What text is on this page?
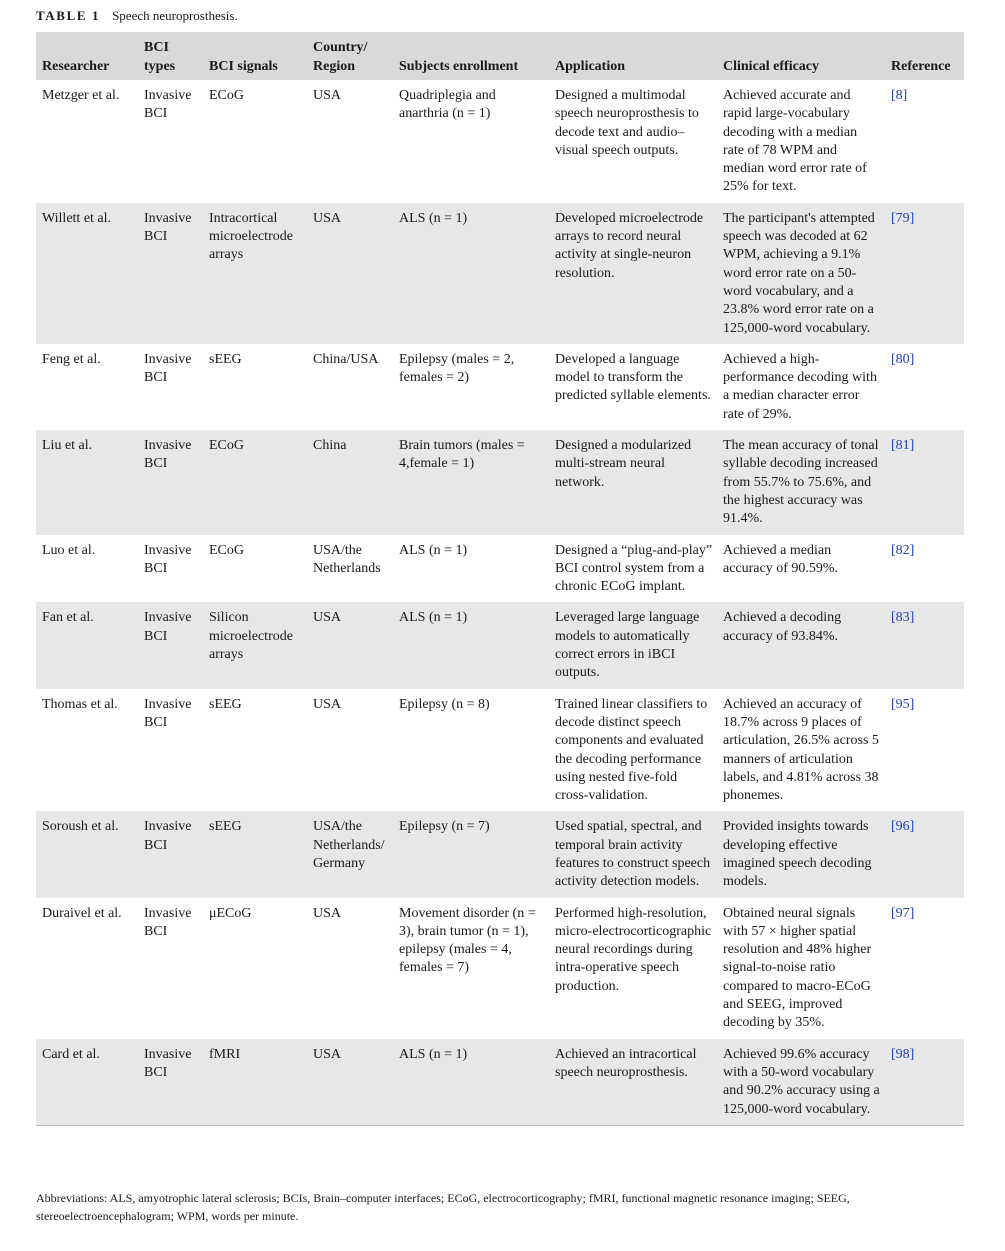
TABLE 1 Speech neuroprosthesis.
Researcher	BCI types	BCI signals	Country/ Region	Subjects enrollment	Application	Clinical efficacy	Reference
Metzger et al.	Invasive BCI	ECoG	USA	Quadriplegia and anarthria (n = 1)	Designed a multimodal speech neuroprosthesis to decode text and audio–visual speech outputs.	Achieved accurate and rapid large-vocabulary decoding with a median rate of 78 WPM and median word error rate of 25% for text.	[8]
Willett et al.	Invasive BCI	Intracortical microelectrode arrays	USA	ALS (n = 1)	Developed microelectrode arrays to record neural activity at single-neuron resolution.	The participant's attempted speech was decoded at 62 WPM, achieving a 9.1% word error rate on a 50-word vocabulary, and a 23.8% word error rate on a 125,000-word vocabulary.	[79]
Feng et al.	Invasive BCI	sEEG	China/USA	Epilepsy (males = 2, females = 2)	Developed a language model to transform the predicted syllable elements.	Achieved a high-performance decoding with a median character error rate of 29%.	[80]
Liu et al.	Invasive BCI	ECoG	China	Brain tumors (males = 4,female = 1)	Designed a modularized multi-stream neural network.	The mean accuracy of tonal syllable decoding increased from 55.7% to 75.6%, and the highest accuracy was 91.4%.	[81]
Luo et al.	Invasive BCI	ECoG	USA/the Netherlands	ALS (n = 1)	Designed a “plug-and-play” BCI control system from a chronic ECoG implant.	Achieved a median accuracy of 90.59%.	[82]
Fan et al.	Invasive BCI	Silicon microelectrode arrays	USA	ALS (n = 1)	Leveraged large language models to automatically correct errors in iBCI outputs.	Achieved a decoding accuracy of 93.84%.	[83]
Thomas et al.	Invasive BCI	sEEG	USA	Epilepsy (n = 8)	Trained linear classifiers to decode distinct speech components and evaluated the decoding performance using nested five-fold cross-validation.	Achieved an accuracy of 18.7% across 9 places of articulation, 26.5% across 5 manners of articulation labels, and 4.81% across 38 phonemes.	[95]
Soroush et al.	Invasive BCI	sEEG	USA/the Netherlands/ Germany	Epilepsy (n = 7)	Used spatial, spectral, and temporal brain activity features to construct speech activity detection models.	Provided insights towards developing effective imagined speech decoding models.	[96]
Duraivel et al.	Invasive BCI	μECoG	USA	Movement disorder (n = 3), brain tumor (n = 1), epilepsy (males = 4, females = 7)	Performed high-resolution, micro-electrocorticographic neural recordings during intra-operative speech production.	Obtained neural signals with 57 × higher spatial resolution and 48% higher signal-to-noise ratio compared to macro-ECoG and SEEG, improved decoding by 35%.	[97]
Card et al.	Invasive BCI	fMRI	USA	ALS (n = 1)	Achieved an intracortical speech neuroprosthesis.	Achieved 99.6% accuracy with a 50-word vocabulary and 90.2% accuracy using a 125,000-word vocabulary.	[98]
Abbreviations: ALS, amyotrophic lateral sclerosis; BCIs, Brain–computer interfaces; ECoG, electrocorticography; fMRI, functional magnetic resonance imaging; SEEG, stereoelectroencephalogram; WPM, words per minute.
